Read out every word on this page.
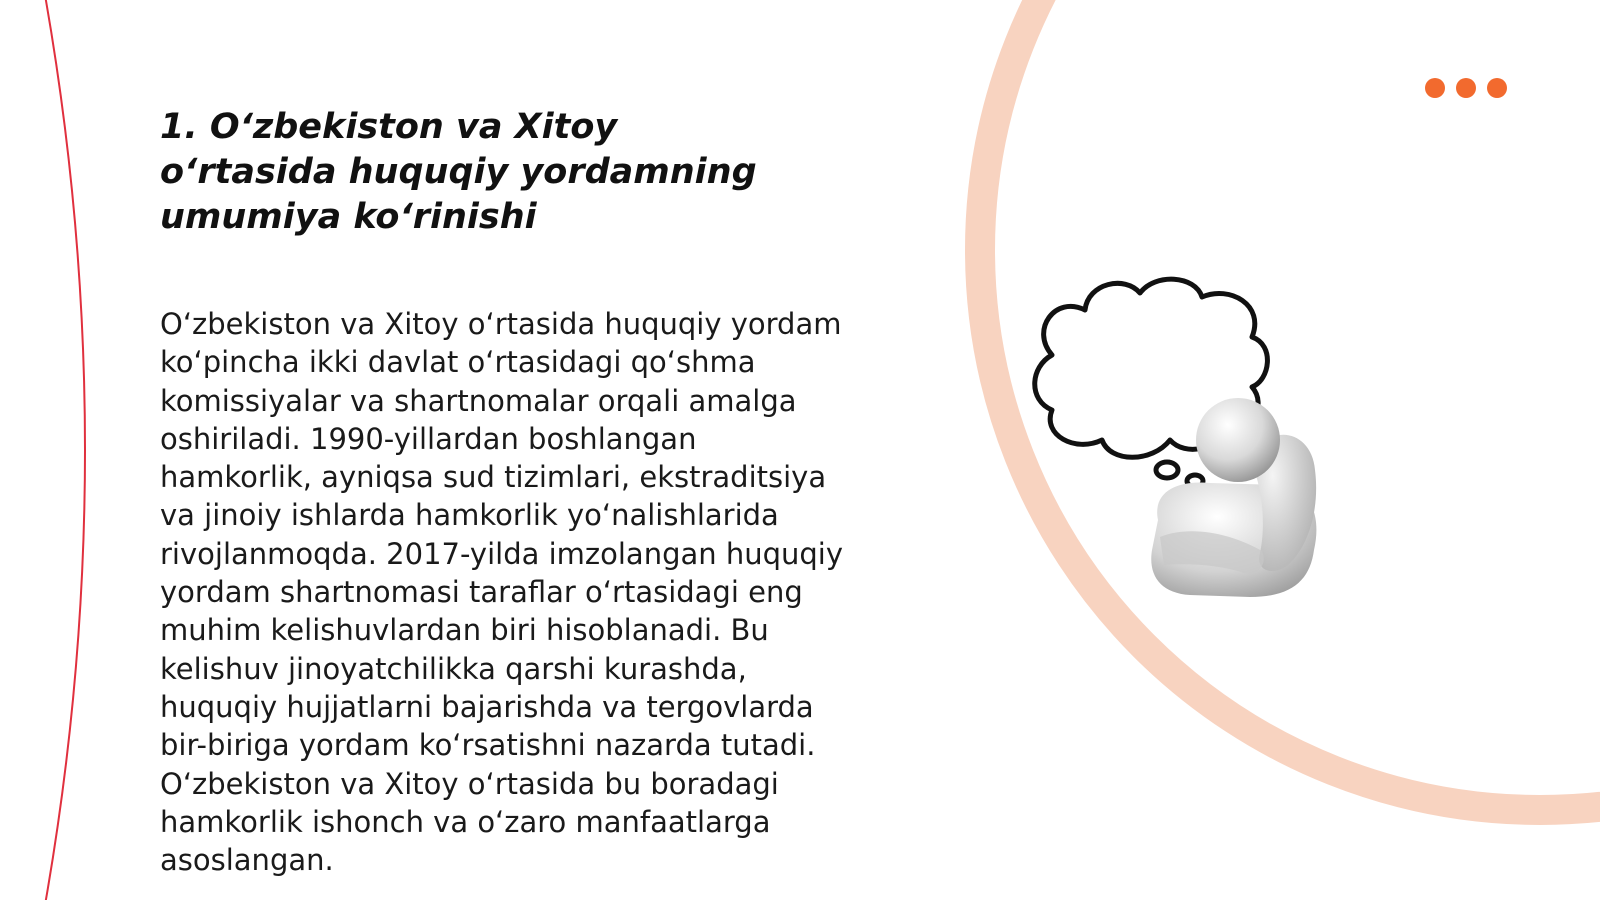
1. Oʻzbekiston va Xitoy oʻrtasida huquqiy yordamning umumiya koʻrinishi

Oʻzbekiston va Xitoy oʻrtasida huquqiy yordam koʻpincha ikki davlat oʻrtasidagi qoʻshma komissiyalar va shartnomalar orqali amalga oshiriladi. 1990-yillardan boshlangan hamkorlik, ayniqsa sud tizimlari, ekstraditsiya va jinoiy ishlarda hamkorlik yoʻnalishlarida rivojlanmoqda. 2017-yilda imzolangan huquqiy yordam shartnomasi taraflar oʻrtasidagi eng muhim kelishuvlardan biri hisoblanadi. Bu kelishuv jinoyatchilikka qarshi kurashda, huquqiy hujjatlarni bajarishda va tergovlarda bir-biriga yordam koʻrsatishni nazarda tutadi. Oʻzbekiston va Xitoy oʻrtasida bu boradagi hamkorlik ishonch va oʻzaro manfaatlarga asoslangan.
